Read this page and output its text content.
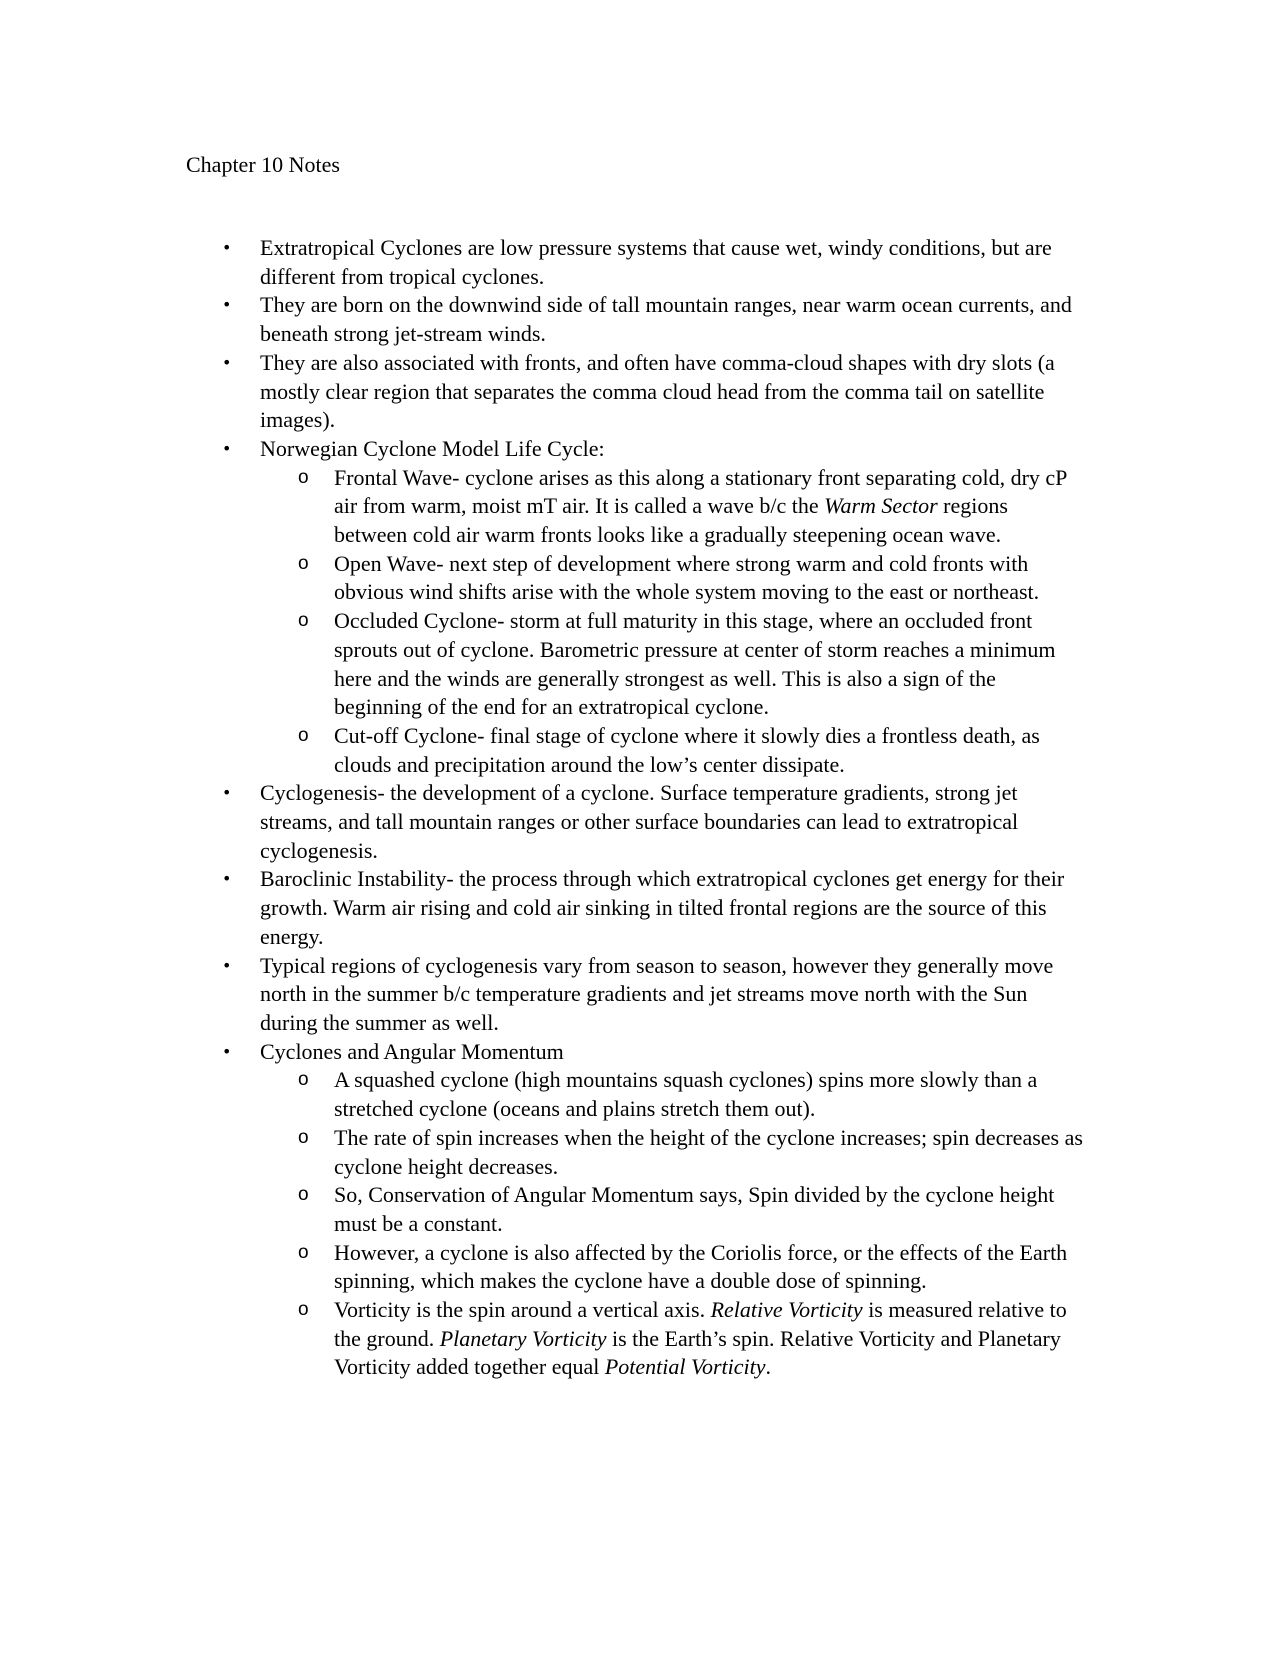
Chapter 10 Notes
• Extratropical Cyclones are low pressure systems that cause wet, windy conditions, but are different from tropical cyclones.
• They are born on the downwind side of tall mountain ranges, near warm ocean currents, and beneath strong jet-stream winds.
• They are also associated with fronts, and often have comma-cloud shapes with dry slots (a mostly clear region that separates the comma cloud head from the comma tail on satellite images).
• Norwegian Cyclone Model Life Cycle:
o Frontal Wave- cyclone arises as this along a stationary front separating cold, dry cP air from warm, moist mT air. It is called a wave b/c the Warm Sector regions between cold air warm fronts looks like a gradually steepening ocean wave.
o Open Wave- next step of development where strong warm and cold fronts with obvious wind shifts arise with the whole system moving to the east or northeast.
o Occluded Cyclone- storm at full maturity in this stage, where an occluded front sprouts out of cyclone. Barometric pressure at center of storm reaches a minimum here and the winds are generally strongest as well. This is also a sign of the beginning of the end for an extratropical cyclone.
o Cut-off Cyclone- final stage of cyclone where it slowly dies a frontless death, as clouds and precipitation around the low’s center dissipate.
• Cyclogenesis- the development of a cyclone. Surface temperature gradients, strong jet streams, and tall mountain ranges or other surface boundaries can lead to extratropical cyclogenesis.
• Baroclinic Instability- the process through which extratropical cyclones get energy for their growth. Warm air rising and cold air sinking in tilted frontal regions are the source of this energy.
• Typical regions of cyclogenesis vary from season to season, however they generally move north in the summer b/c temperature gradients and jet streams move north with the Sun during the summer as well.
• Cyclones and Angular Momentum
o A squashed cyclone (high mountains squash cyclones) spins more slowly than a stretched cyclone (oceans and plains stretch them out).
o The rate of spin increases when the height of the cyclone increases; spin decreases as cyclone height decreases.
o So, Conservation of Angular Momentum says, Spin divided by the cyclone height must be a constant.
o However, a cyclone is also affected by the Coriolis force, or the effects of the Earth spinning, which makes the cyclone have a double dose of spinning.
o Vorticity is the spin around a vertical axis. Relative Vorticity is measured relative to the ground. Planetary Vorticity is the Earth’s spin. Relative Vorticity and Planetary Vorticity added together equal Potential Vorticity.
